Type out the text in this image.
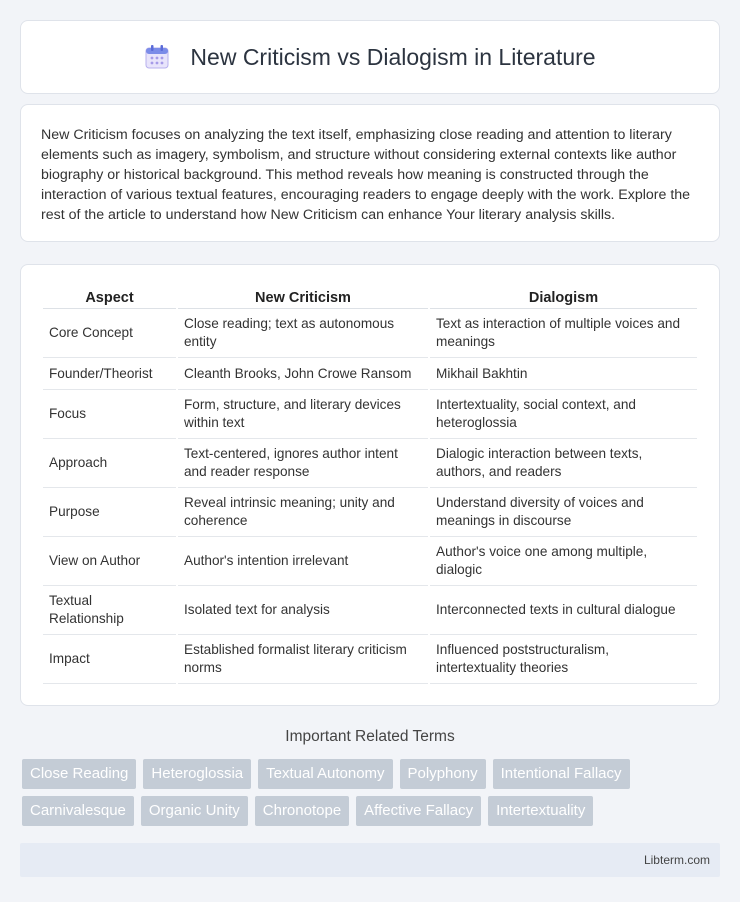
New Criticism vs Dialogism in Literature

New Criticism focuses on analyzing the text itself, emphasizing close reading and attention to literary elements such as imagery, symbolism, and structure without considering external contexts like author biography or historical background. This method reveals how meaning is constructed through the interaction of various textual features, encouraging readers to engage deeply with the work. Explore the rest of the article to understand how New Criticism can enhance Your literary analysis skills.

Aspect	New Criticism	Dialogism
Core Concept	Close reading; text as autonomous entity	Text as interaction of multiple voices and meanings
Founder/Theorist	Cleanth Brooks, John Crowe Ransom	Mikhail Bakhtin
Focus	Form, structure, and literary devices within text	Intertextuality, social context, and heteroglossia
Approach	Text-centered, ignores author intent and reader response	Dialogic interaction between texts, authors, and readers
Purpose	Reveal intrinsic meaning; unity and coherence	Understand diversity of voices and meanings in discourse
View on Author	Author's intention irrelevant	Author's voice one among multiple, dialogic
Textual Relationship	Isolated text for analysis	Interconnected texts in cultural dialogue
Impact	Established formalist literary criticism norms	Influenced poststructuralism, intertextuality theories
Important Related Terms
Close Reading	Heteroglossia	Textual Autonomy	Polyphony	Intentional Fallacy
Carnivalesque	Organic Unity	Chronotope	Affective Fallacy	Intertextuality
Libterm.com
